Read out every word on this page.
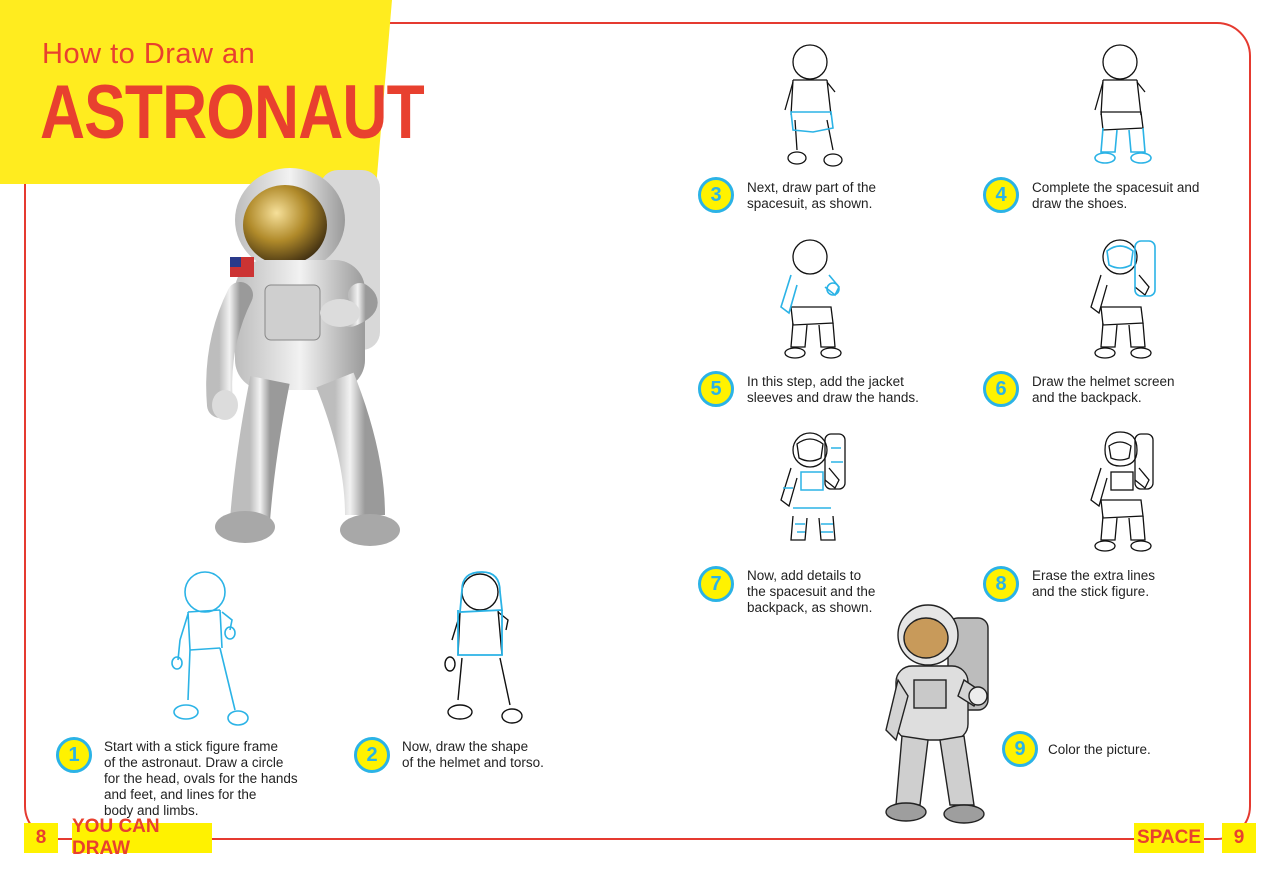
How to Draw an
ASTRONAUT
1	Start with a stick figure frame
of the astronaut. Draw a circle
for the head, ovals for the hands
and feet, and lines for the
body and limbs.
2	Now, draw the shape
of the helmet and torso.
3	Next, draw part of the
spacesuit, as shown.	4	Complete the spacesuit and
draw the shoes.
5	In this step, add the jacket
sleeves and draw the hands.	6	Draw the helmet screen
and the backpack.
7	Now, add details to
the spacesuit and the
backpack, as shown.
8	Erase the extra lines
and the stick figure.
9	Color the picture.
8
YOU CAN DRAW
SPACE	9
